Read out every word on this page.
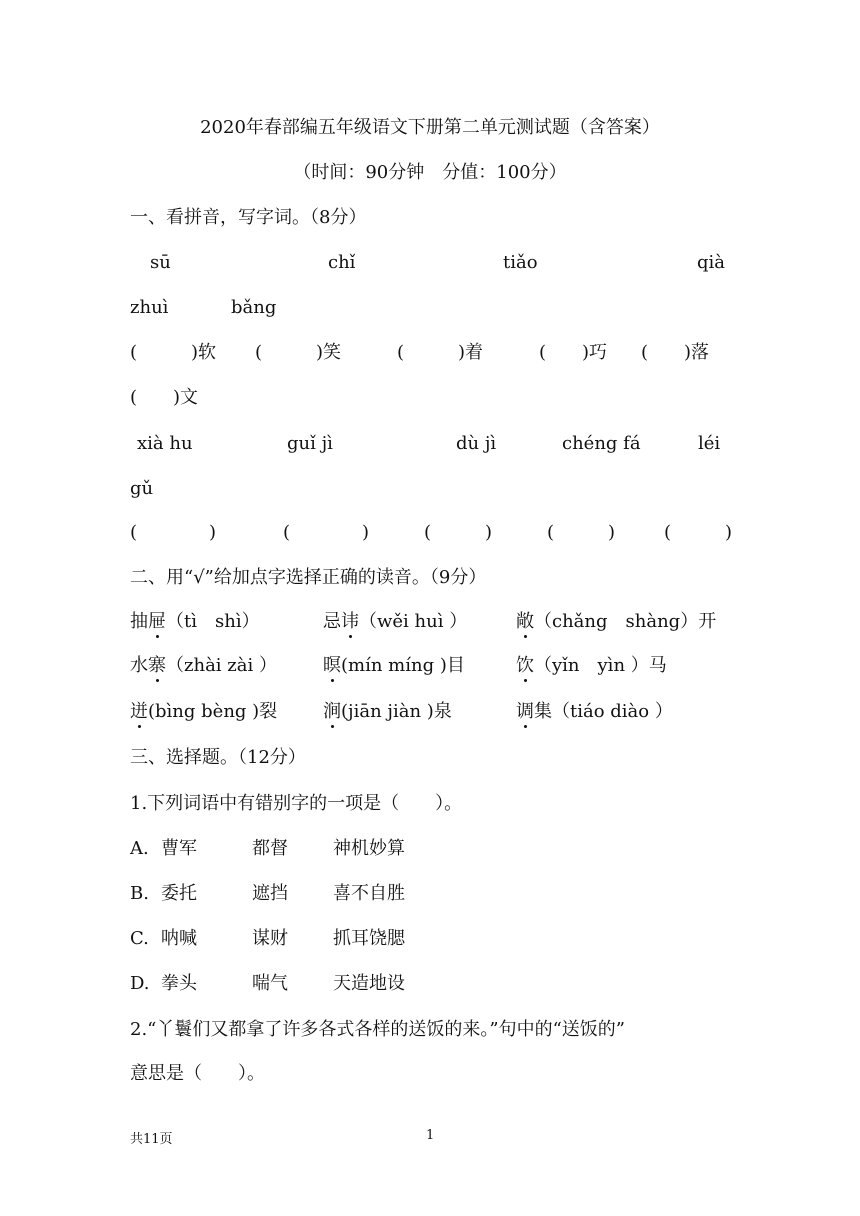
2020年春部编五年级语文下册第二单元测试题（含答案）
（时间：90分钟　分值：100分）
一、看拼音，写字词。（8分）
sū	chǐ	tiǎo	qià
zhuì	bǎng
(　　　)软 (　　　)笑	(　　　)着	(　　)巧 (　　)落
(　　)文
xià hu	guǐ jì	dù jì	chéng fá	léi
gǔ
(　　　　)	(　　　　)	(　　　)	(　　　)	(　　　)
二、用“√”给加点字选择正确的读音。（9分）
抽屉（tì　shì）	忌讳（wěi huì ）	敞（chǎng　shàng）开
水寨（zhài zài ）	暝(mín míng )目	饮（yǐn　yìn ）马
迸(bìng bèng )裂	涧(jiān jiàn )泉	调集（tiáo diào ）
三、选择题。（12分）
1.下列词语中有错别字的一项是（　　）。
A. 曹军	都督	神机妙算
B. 委托	遮挡	喜不自胜
C. 呐喊	谋财	抓耳饶腮
D. 拳头	喘气	天造地设
2.“丫鬟们又都拿了许多各式各样的送饭的来。”句中的“送饭的”
意思是（　　）。
共11页	1
